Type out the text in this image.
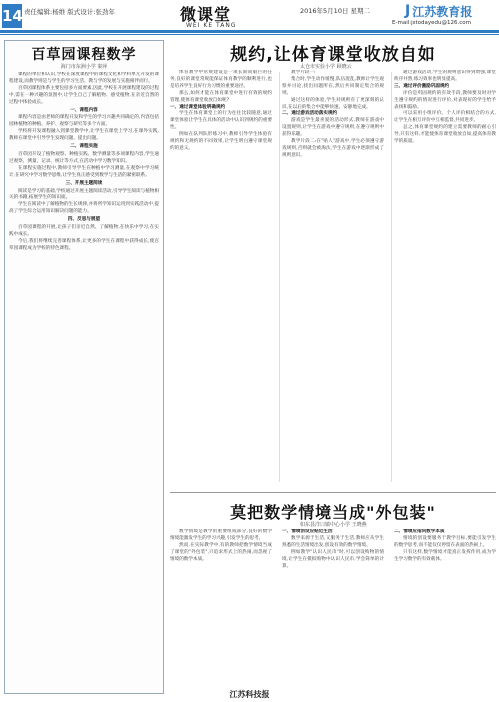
14 责任编辑:杨维 版式设计:张劲年	微课堂
WEI KE TANG
2016年5月10日 星期二 J 江苏教育报
E-mail:jstodayedu@126.com
百草园课程数学
海门市东洲小学 秦萍

课程的单位和认识,学校在深度课程中的课程文化和学科单元开发的课程建设,而教学则是与学生的学习生活、教与学的发展与实施相伴而行。

百草园课程体系主要包括多方面要素,因此,学校在开展课程建设的过程中,需在一种兴趣的氛围中,让学生自己了解植物、感受植物,在亲近自然的过程中体验成长。

一、课程内容

课程内容是由老师的课程开发和学生的学习兴趣共同确定的,内容包括园林植物的种植、养护、观察与研究等多个方面。

学校将开发课程融入到课堂教学中,让学生在课堂上学习,在课外实践,教师在课堂中引导学生发现问题、提出问题。

二、课程实施

百草园开设了植物观察、种植实践、数学测量等多项课程内容,学生通过观察、测量、记录、统计等方式,在活动中学习数学知识。

在课程实施过程中,教师引导学生在种植中学习测量,在观察中学习统计,在研究中学习数学思维,让学生真正感受到数学与生活的紧密联系。

三、开展主题阅读

阅读是学习的基础,学校通过开展主题阅读活动,引导学生阅读与植物相关的书籍,拓展学生的知识面。

学生在阅读中了解植物的生长规律,并将所学知识运用到实践活动中,提高了学生综合运用知识解决问题的能力。

四、反思与展望

百草园课程的开展,让孩子们亲近自然、了解植物,在快乐中学习,在实践中成长。

今后,我们将继续完善课程体系,让更多的学生在课程中获得成长,使百草园课程成为学校的特色课程。

规约,让体育课堂收放自如
太仓市实验小学 顾晓云

体育教学中常规建设是一项长期而艰巨的任务,良好的课堂常规能保证体育教学的顺利进行,也是培养学生良好行为习惯的重要途径。

那么,如何才能在体育课堂中进行有效的规约管理,使体育课堂收放自如呢?

一、通过课堂体验明确规约

学生在体育课堂上的行为往往比较随意,通过课堂体验让学生在具体的活动中认识到规约的重要性。

例如在队列队形练习中,教师引导学生体验有规约和无规约的不同效果,让学生明白遵守课堂规约的意义。

教学片段一:

集合时,学生动作缓慢,队伍混乱,教师让学生观察并讨论,找出问题所在,然后共同制定集合的规则。

通过这样的体验,学生对规则有了更深刻的认识,在以后的集合中能够快速、安静地完成。

二、通过游戏活动落实规约

游戏是学生最喜爱的活动形式,教师在游戏中设置规则,让学生在游戏中遵守规则,在遵守规则中获得乐趣。

教学片段二:在"贴人"游戏中,学生必须遵守游戏规则,否则就会被淘汰,学生在游戏中逐渐形成了规则意识。

通过游戏活动,学生的规则意识得到增强,课堂秩序井然,练习效率也明显提高。

三、通过评价激励巩固规约

评价是巩固规约的有效手段,教师要及时对学生遵守规约的情况进行评价,对表现好的学生给予表扬和鼓励。

可以采用小组评价、个人评价相结合的方式,让学生在相互评价中互相监督,共同进步。

总之,体育课堂规约的建立需要教师的耐心引导,只有这样,才能使体育课堂收放自如,提高体育教学的质量。

莫把数学情境当成"外包装"
如东县洋口镇中心小学 王晓燕

数学情境是教学的重要组成部分,良好的数学情境能激发学生的学习兴趣,引发学生的思考。

然而,在实际教学中,有的教师把数学情境当成了课堂的"外包装",只追求形式上的热闹,而忽视了情境的数学本质。

一、情境创设应贴近生活

数学来源于生活,又服务于生活,教师应从学生熟悉的生活情境出发,创设有效的数学情境。

例如教学"认识人民币"时,可以创设购物的情境,让学生在模拟购物中认识人民币,学会简单的计算。

二、情境应指向数学本质

情境的创设要服务于教学目标,要能引发学生的数学思考,而不能仅仅停留在表面的热闹上。

只有这样,数学情境才能真正发挥作用,成为学生学习数学的有效载体。

江苏科技报
